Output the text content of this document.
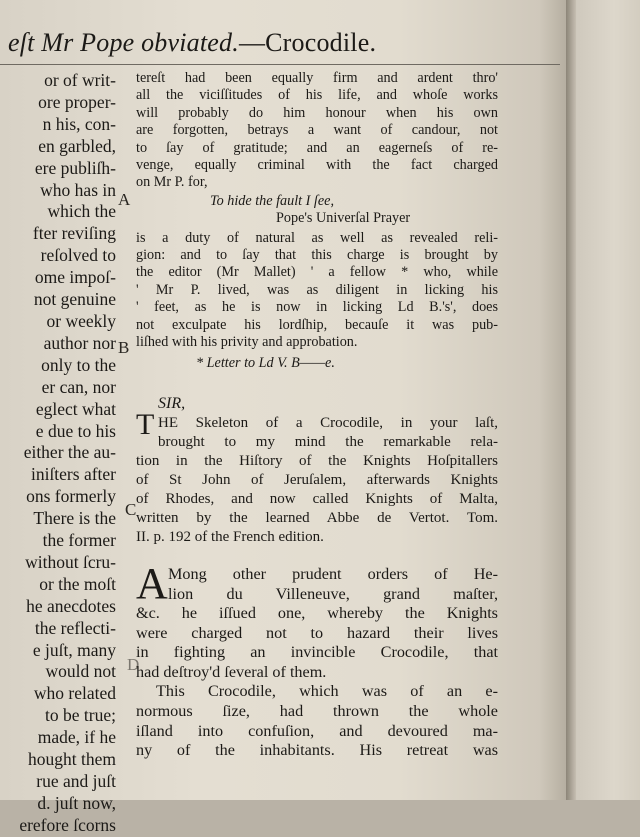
eſt Mr Pope obviated.—Crocodile.
or of writ-
ore proper-
n his, con-
en garbled,
ere publiſh-
who has in
which the
fter reviſing
reſolved to
ome impoſ-
not genuine
or weekly
author nor
only to the
er can, nor
eglect what
e due to his
either the au-
iniſters after
ons formerly
There is the
the former
without ſcru-
or the moſt
he anecdotes
the reflecti-
e juſt, many
would not
who related
to be true;
made, if he
hought them
rue and juſt
d. juſt now,
erefore ſcorns
A
B
C
D
tereſt had been equally firm and ardent thro'
all the viciſſitudes of his life, and whoſe works
will probably do him honour when his own
are forgotten, betrays a want of candour, not
to ſay of gratitude; and an eagerneſs of re-
venge, equally criminal with the fact charged
on Mr P. for,
To hide the fault I ſee,
Pope's Univerſal Prayer
is a duty of natural as well as revealed reli-
gion: and to ſay that this charge is brought by
the editor (Mr Mallet) ' a fellow * who, while
' Mr P. lived, was as diligent in licking his
' feet, as he is now in licking Ld B.'s', does
not exculpate his lordſhip, becauſe it was pub-
liſhed with his privity and approbation.
* Letter to Ld V. B——e.
SIR,
T HE Skeleton of a Crocodile, in your laſt,
brought to my mind the remarkable rela-
tion in the Hiſtory of the Knights Hoſpitallers
of St John of Jeruſalem, afterwards Knights
of Rhodes, and now called Knights of Malta,
written by the learned Abbe de Vertot. Tom.
II. p. 192 of the French edition.
A Mong other prudent orders of He-
lion du Villeneuve, grand maſter,
&c. he iſſued one, whereby the Knights
were charged not to hazard their lives
in fighting an invincible Crocodile, that
had deſtroy'd ſeveral of them.
This Crocodile, which was of an e-
normous ſize, had thrown the whole
iſland into confuſion, and devoured ma-
ny of the inhabitants. His retreat was
